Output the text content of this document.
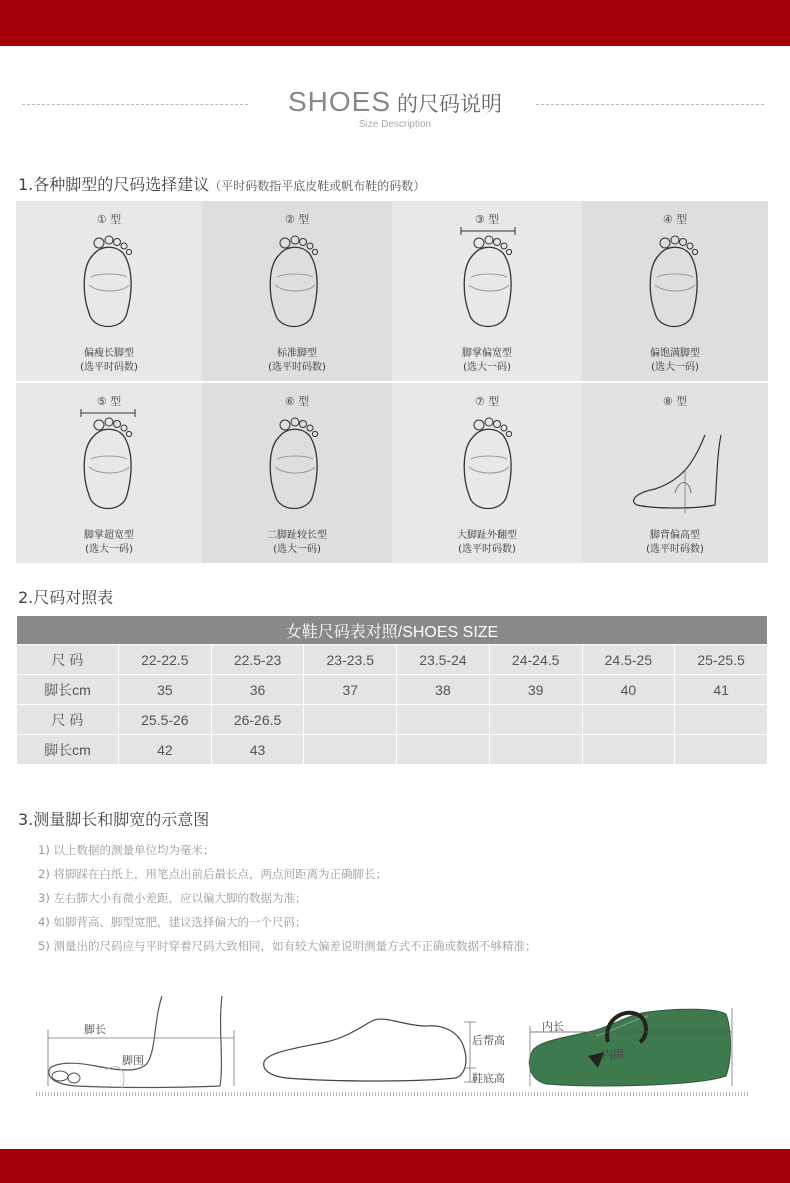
SHOES 的尺码说明
Size Description
1.各种脚型的尺码选择建议（平时码数指平底皮鞋或帆布鞋的码数）
① 型
偏瘦长脚型
(选平时码数)
② 型
标准脚型
(选平时码数)
③ 型
脚掌偏宽型
(选大一码)
④ 型
偏饱满脚型
(选大一码)
⑤ 型
脚掌超宽型
(选大一码)
⑥ 型
二脚趾较长型
(选大一码)
⑦ 型
大脚趾外翻型
(选平时码数)
⑧ 型
脚背偏高型
(选平时码数)
2.尺码对照表
女鞋尺码表对照/SHOES SIZE							
尺 码	22-22.5	22.5-23	23-23.5	23.5-24	24-24.5	24.5-25	25-25.5
脚长cm	35	36	37	38	39	40	41
尺 码	25.5-26	26-26.5					
脚长cm	42	43					
3.测量脚长和脚宽的示意图
1) 以上数据的测量单位均为毫米；
2) 将脚踩在白纸上，用笔点出前后最长点，两点间距离为正确脚长；
3) 左右脚大小有微小差距，应以偏大脚的数据为准；
4) 如脚背高、脚型宽肥，建议选择偏大的一个尺码；
5) 测量出的尺码应与平时穿着尺码大致相同，如有较大偏差说明测量方式不正确或数据不够精准；
脚长
脚围
后帮高
鞋底高
内长
内围
